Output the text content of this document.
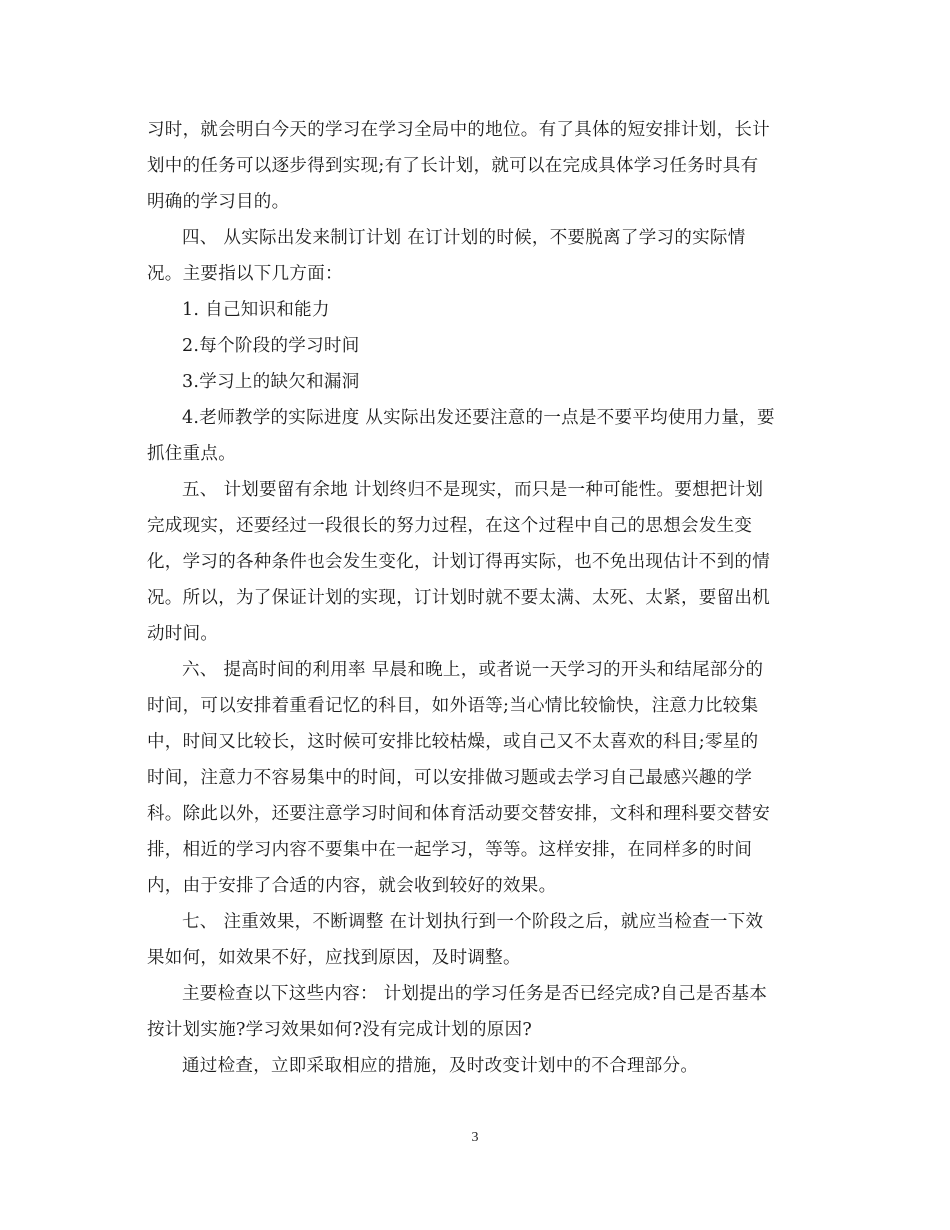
习时，就会明白今天的学习在学习全局中的地位。有了具体的短安排计划，长计
划中的任务可以逐步得到实现;有了长计划，就可以在完成具体学习任务时具有
明确的学习目的。
四、 从实际出发来制订计划 在订计划的时候，不要脱离了学习的实际情
况。主要指以下几方面：
1. 自己知识和能力
2.每个阶段的学习时间
3.学习上的缺欠和漏洞
4.老师教学的实际进度 从实际出发还要注意的一点是不要平均使用力量，要
抓住重点。
五、 计划要留有余地 计划终归不是现实，而只是一种可能性。要想把计划
完成现实，还要经过一段很长的努力过程，在这个过程中自己的思想会发生变
化，学习的各种条件也会发生变化，计划订得再实际，也不免出现估计不到的情
况。所以，为了保证计划的实现，订计划时就不要太满、太死、太紧，要留出机
动时间。
六、 提高时间的利用率 早晨和晚上，或者说一天学习的开头和结尾部分的
时间，可以安排着重看记忆的科目，如外语等;当心情比较愉快，注意力比较集
中，时间又比较长，这时候可安排比较枯燥，或自己又不太喜欢的科目;零星的
时间，注意力不容易集中的时间，可以安排做习题或去学习自己最感兴趣的学
科。除此以外，还要注意学习时间和体育活动要交替安排，文科和理科要交替安
排，相近的学习内容不要集中在一起学习，等等。这样安排，在同样多的时间
内，由于安排了合适的内容，就会收到较好的效果。
七、 注重效果，不断调整 在计划执行到一个阶段之后，就应当检查一下效
果如何，如效果不好，应找到原因，及时调整。
主要检查以下这些内容： 计划提出的学习任务是否已经完成?自己是否基本
按计划实施?学习效果如何?没有完成计划的原因?
通过检查，立即采取相应的措施，及时改变计划中的不合理部分。
3
